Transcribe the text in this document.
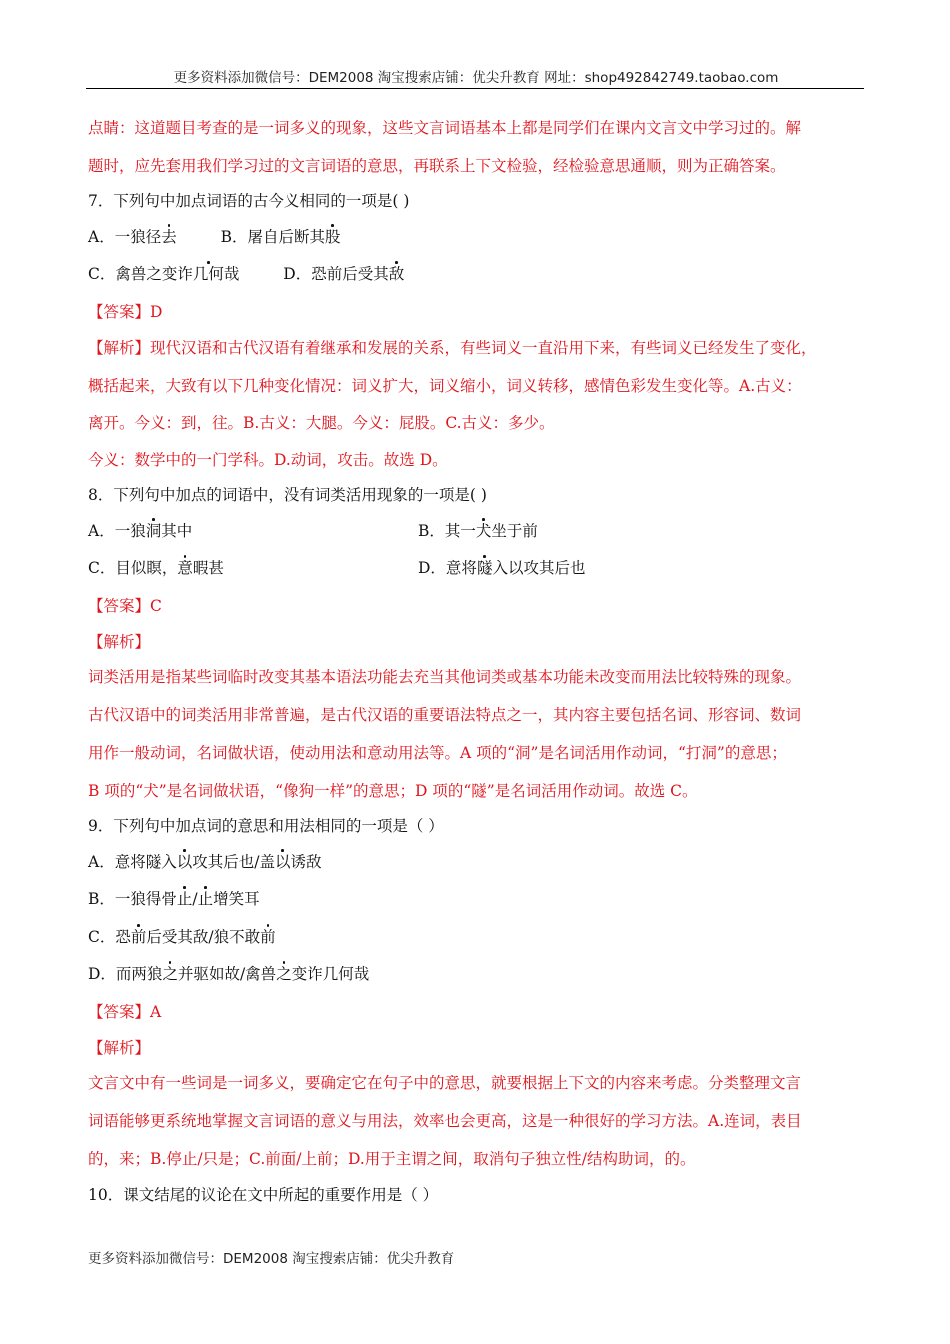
更多资料添加微信号：DEM2008 淘宝搜索店铺：优尖升教育 网址：shop492842749.taobao.com
点睛：这道题目考查的是一词多义的现象，这些文言词语基本上都是同学们在课内文言文中学习过的。解
题时，应先套用我们学习过的文言词语的意思，再联系上下文检验，经检验意思通顺，则为正确答案。
7．下列句中加点词语的古今义相同的一项是( )
A．一狼径去	B．屠自后断其股
C．禽兽之变诈几何哉	D．恐前后受其敌
【答案】D
【解析】现代汉语和古代汉语有着继承和发展的关系，有些词义一直沿用下来，有些词义已经发生了变化，
概括起来，大致有以下几种变化情况：词义扩大，词义缩小，词义转移，感情色彩发生变化等。A.古义：
离开。今义：到，往。B.古义：大腿。今义：屁股。C.古义：多少。
今义：数学中的一门学科。D.动词，攻击。故选 D。
8．下列句中加点的词语中，没有词类活用现象的一项是( )
A．一狼洞其中	B．其一犬坐于前
C．目似瞑，意暇甚	D．意将隧入以攻其后也
【答案】C
【解析】
词类活用是指某些词临时改变其基本语法功能去充当其他词类或基本功能未改变而用法比较特殊的现象。
古代汉语中的词类活用非常普遍，是古代汉语的重要语法特点之一，其内容主要包括名词、形容词、数词
用作一般动词，名词做状语，使动用法和意动用法等。A 项的“洞”是名词活用作动词，“打洞”的意思；
B 项的“犬”是名词做状语，“像狗一样”的意思；D 项的“隧”是名词活用作动词。故选 C。
9．下列句中加点词的意思和用法相同的一项是（ ）
A．意将隧入以攻其后也/盖以诱敌
B．一狼得骨止/止增笑耳
C．恐前后受其敌/狼不敢前
D．而两狼之并驱如故/禽兽之变诈几何哉
【答案】A
【解析】
文言文中有一些词是一词多义，要确定它在句子中的意思，就要根据上下文的内容来考虑。分类整理文言
词语能够更系统地掌握文言词语的意义与用法，效率也会更高，这是一种很好的学习方法。A.连词，表目
的，来；B.停止/只是；C.前面/上前；D.用于主谓之间，取消句子独立性/结构助词，的。
10．课文结尾的议论在文中所起的重要作用是（ ）
更多资料添加微信号：DEM2008 淘宝搜索店铺：优尖升教育
